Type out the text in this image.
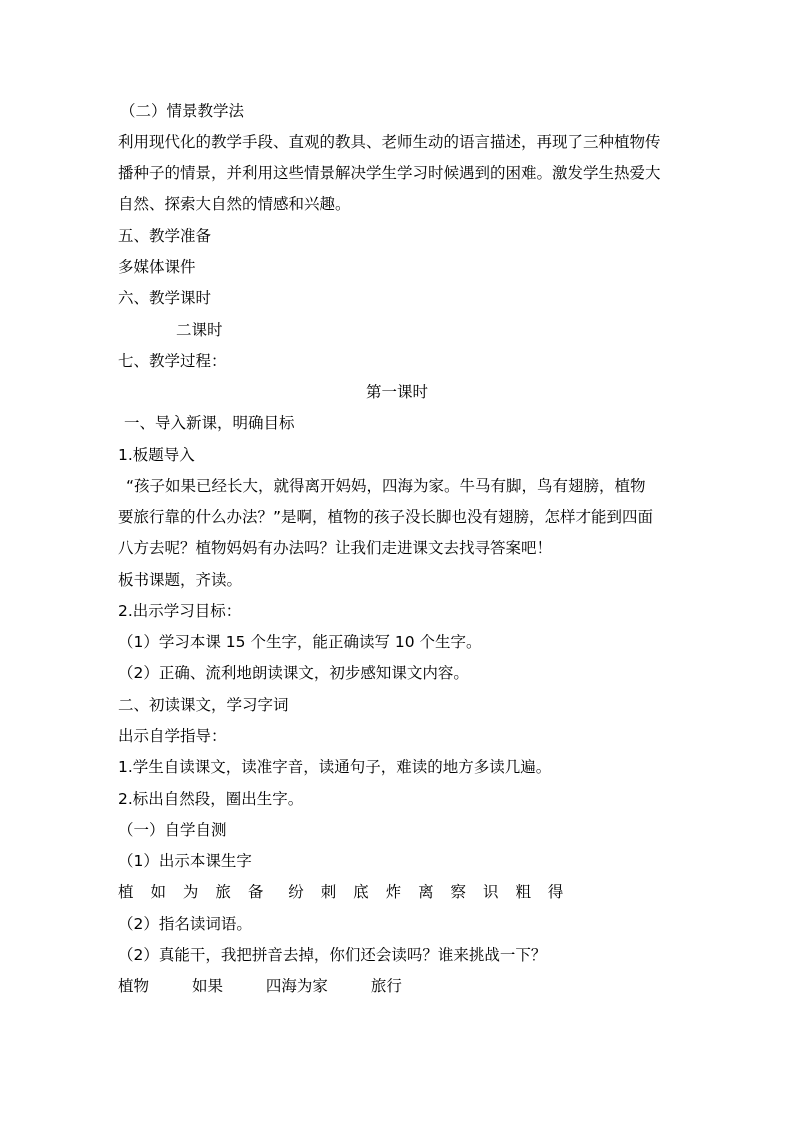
（二）情景教学法
利用现代化的教学手段、直观的教具、老师生动的语言描述，再现了三种植物传
播种子的情景，并利用这些情景解决学生学习时候遇到的困难。激发学生热爱大
自然、探索大自然的情感和兴趣。
五、教学准备
多媒体课件
六、教学课时
二课时
七、教学过程：
第一课时
一、导入新课，明确目标
1.板题导入
“孩子如果已经长大，就得离开妈妈，四海为家。牛马有脚，鸟有翅膀，植物
要旅行靠的什么办法？”是啊，植物的孩子没长脚也没有翅膀，怎样才能到四面
八方去呢？植物妈妈有办法吗？让我们走进课文去找寻答案吧！
板书课题，齐读。
2.出示学习目标：
（1）学习本课 15 个生字，能正确读写 10 个生字。
（2）正确、流利地朗读课文，初步感知课文内容。
二、初读课文，学习字词
出示自学指导：
1.学生自读课文，读准字音，读通句子，难读的地方多读几遍。
2.标出自然段，圈出生字。
（一）自学自测
（1）出示本课生字
植 如 为 旅 备 纷 刺 底 炸 离 察 识 粗 得
（2）指名读词语。
（2）真能干，我把拼音去掉，你们还会读吗？谁来挑战一下？
植物	如果	四海为家	旅行
